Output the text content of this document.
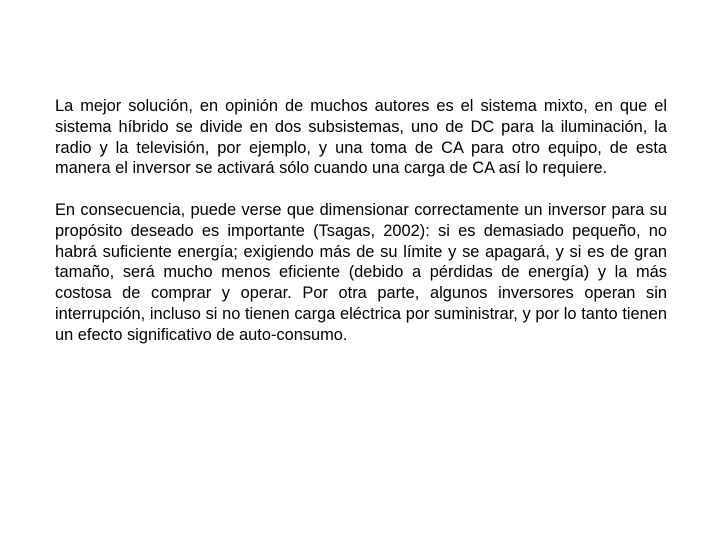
La mejor solución, en opinión de muchos autores es el sistema mixto, en que el sistema híbrido se divide en dos subsistemas, uno de DC para la iluminación, la radio y la televisión, por ejemplo, y una toma de CA para otro equipo, de esta manera el inversor se activará sólo cuando una carga de CA así lo requiere.

En consecuencia, puede verse que dimensionar correctamente un inversor para su propósito deseado es importante (Tsagas, 2002): si es demasiado pequeño, no habrá suficiente energía; exigiendo más de su límite y se apagará, y si es de gran tamaño, será mucho menos eficiente (debido a pérdidas de energía) y la más costosa de comprar y operar. Por otra parte, algunos inversores operan sin interrupción, incluso si no tienen carga eléctrica por suministrar, y por lo tanto tienen un efecto significativo de auto-consumo.
